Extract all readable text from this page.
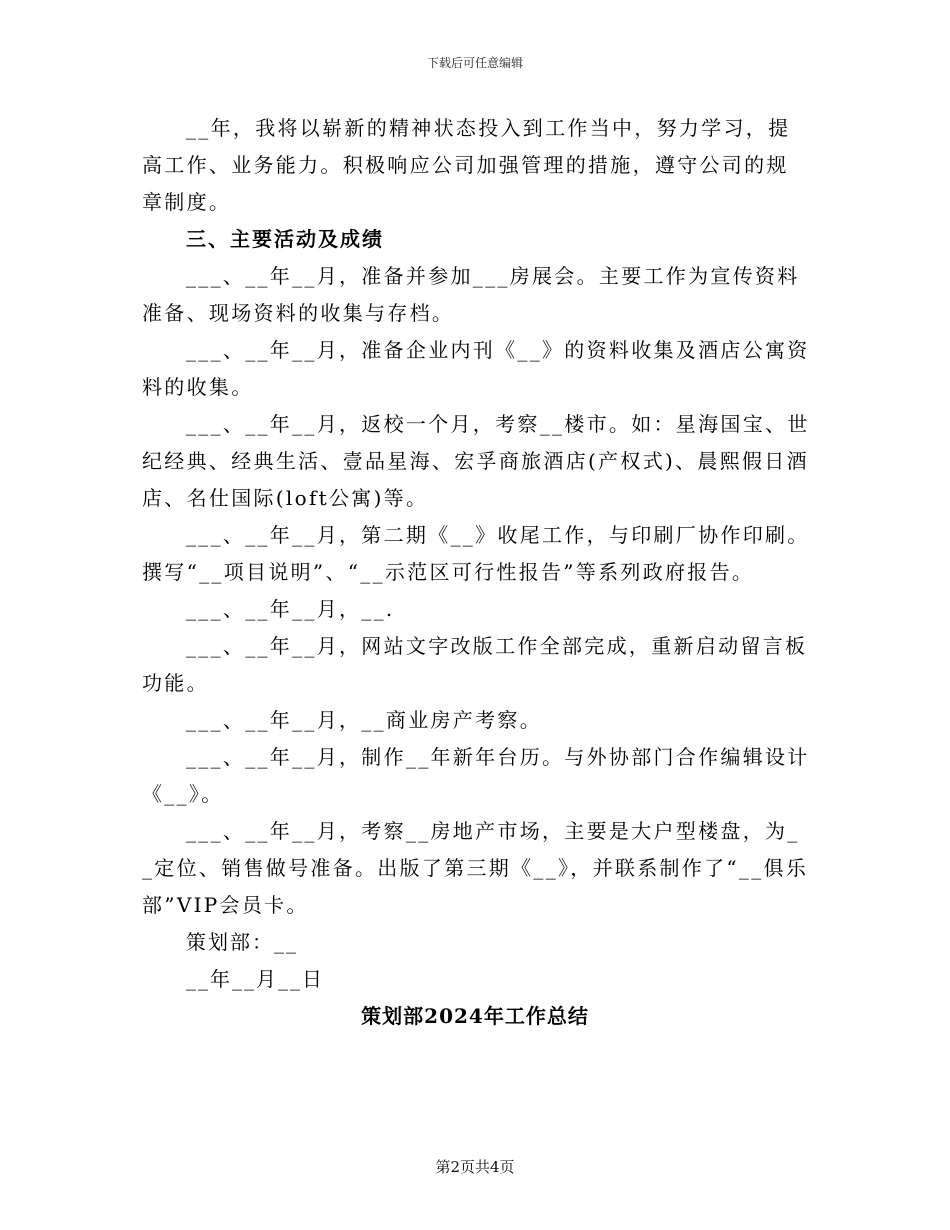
下载后可任意编辑

__年，我将以崭新的精神状态投入到工作当中，努力学习，提高工作、业务能力。积极响应公司加强管理的措施，遵守公司的规章制度。

三、主要活动及成绩

___、__年__月，准备并参加___房展会。主要工作为宣传资料准备、现场资料的收集与存档。

___、__年__月，准备企业内刊《__》的资料收集及酒店公寓资料的收集。

___、__年__月，返校一个月，考察__楼市。如：星海国宝、世纪经典、经典生活、壹品星海、宏孚商旅酒店(产权式)、晨熙假日酒店、名仕国际(loft公寓)等。

___、__年__月，第二期《__》收尾工作，与印刷厂协作印刷。撰写“__项目说明”、“__示范区可行性报告”等系列政府报告。

___、__年__月，__.

___、__年__月，网站文字改版工作全部完成，重新启动留言板功能。

___、__年__月，__商业房产考察。

___、__年__月，制作__年新年台历。与外协部门合作编辑设计《__》。

___、__年__月，考察__房地产市场，主要是大户型楼盘，为__定位、销售做号准备。出版了第三期《__》，并联系制作了“__俱乐部”VIP会员卡。

策划部：__

__年__月__日

策划部2024年工作总结
第2页共4页
